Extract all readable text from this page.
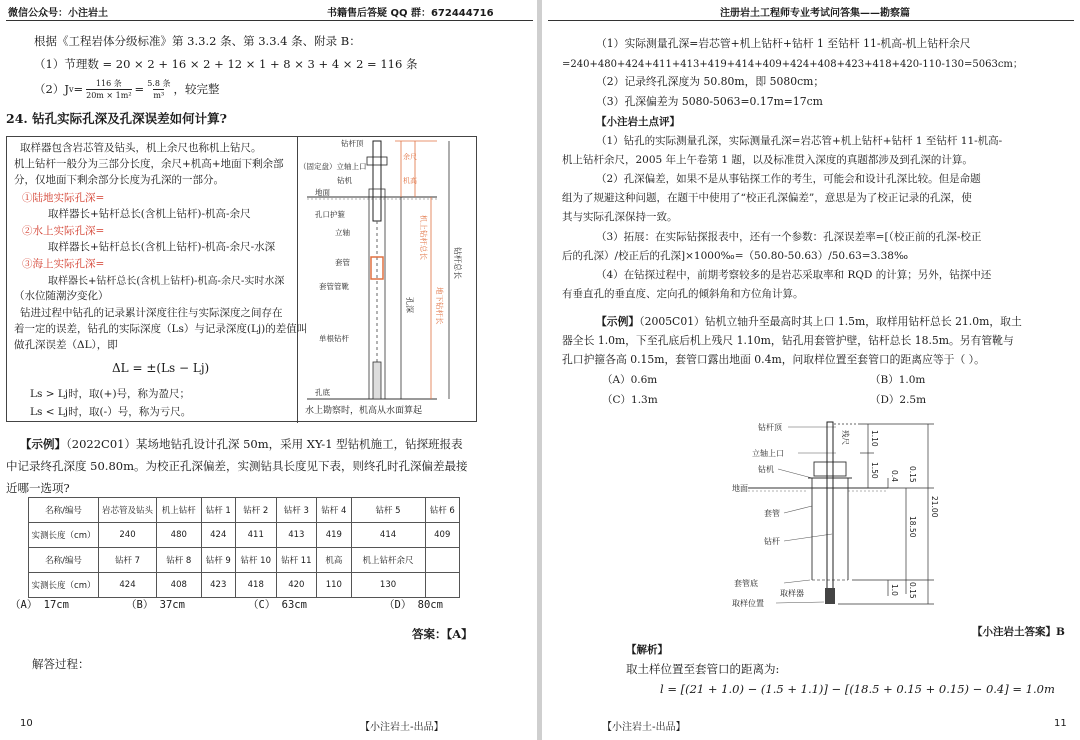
微信公众号：小注岩土	书籍售后答疑 QQ 群：672444716
根据《工程岩体分级标准》第 3.3.2 条、第 3.3.4 条、附录 B：
（1）节理数 = 20 × 2 + 16 × 2 + 12 × 1 + 8 × 3 + 4 × 2 = 116 条
（2）J v = 116 条
20m × 1m² = 5.8 条
m³ ，较完整
24. 钻孔实际孔深及孔深误差如何计算?
取样器包含岩芯管及钻头，机上余尺也称机上钻尺。
机上钻杆一般分为三部分长度，余尺+机高+地面下剩余部
分，仅地面下剩余部分长度为孔深的一部分。
①陆地实际孔深=
取样器长+钻杆总长(含机上钻杆)-机高-余尺
②水上实际孔深=
取样器长+钻杆总长(含机上钻杆)-机高-余尺-水深
③海上实际孔深=
取样器长+钻杆总长(含机上钻杆)-机高-余尺-实时水深
（水位随潮汐变化）
钻进过程中钻孔的记录累计深度往往与实际深度之间存在
着一定的误差，钻孔的实际深度（Ls）与记录深度(Lj)的差值叫
做孔深误差（ΔL），即
ΔL = ±(Ls − Lj)
Ls > Lj时，取(+)号，称为盈尺；
Ls < Lj时，取(-）号，称为亏尺。
钻杆顶
（固定盘）立轴上口
钻机
地面
孔口护箍
立轴
套管
套管管靴
单根钻杆
孔底
余尺
机高
机上钻杆总长
地下钻杆长
钻杆总长
孔深
水上勘察时，机高从水面算起
【示例】（2022C01）某场地钻孔设计孔深 50m，采用 XY-1 型钻机施工，钻探班报表
中记录终孔深度 50.80m。为校正孔深偏差，实测钻具长度见下表，则终孔时孔深偏差最接
近哪一选项?
名称/编号	岩芯管及钻头	机上钻杆	钻杆 1	钻杆 2	钻杆 3	钻杆 4	钻杆 5	钻杆 6
实测长度（cm）	240	480	424	411	413	419	414	409
名称/编号	钻杆 7	钻杆 8	钻杆 9	钻杆 10	钻杆 11	机高	机上钻杆余尺	
实测长度（cm）	424	408	423	418	420	110	130	
（A） 17cm	（B） 37cm	（C） 63cm	（D） 80cm
答案：【A】
解答过程：
10	【小注岩土-出品】
注册岩土工程师专业考试问答集——勘察篇
（1）实际测量孔深=岩芯管+机上钻杆+钻杆 1 至钻杆 11-机高-机上钻杆余尺
=240+480+424+411+413+419+414+409+424+408+423+418+420-110-130=5063cm；
（2）记录终孔深度为 50.80m，即 5080cm；
（3）孔深偏差为 5080-5063=0.17m=17cm
【小注岩土点评】
（1）钻孔的实际测量孔深，实际测量孔深=岩芯管+机上钻杆+钻杆 1 至钻杆 11-机高-
机上钻杆余尺，2005 年上午卷第 1 题，以及标准贯入深度的真题都涉及到孔深的计算。
（2）孔深偏差，如果不是从事钻探工作的考生，可能会和设计孔深比较。但是命题
组为了规避这种问题，在题干中使用了“校正孔深偏差”，意思是为了校正记录的孔深，使
其与实际孔深保持一致。
（3）拓展：在实际钻探报表中，还有一个参数：孔深误差率=[（校正前的孔深-校正
后的孔深）/校正后的孔深]×1000‰=（50.80-50.63）/50.63=3.38‰
（4）在钻探过程中，前期考察较多的是岩芯采取率和 RQD 的计算；另外，钻探中还
有垂直孔的垂直度、定向孔的倾斜角和方位角计算。
【示例】（2005C01）钻机立轴升至最高时其上口 1.5m，取样用钻杆总长 21.0m，取土
器全长 1.0m，下至孔底后机上残尺 1.10m，钻孔用套管护壁，钻杆总长 18.5m。另有管靴与
孔口护箍各高 0.15m，套管口露出地面 0.4m，问取样位置至套管口的距离应等于（ ）。
（A）0.6m	（B）1.0m
（C）1.3m	（D）2.5m
钻杆顶
立轴上口
钻机
地面
套管
钻杆
套管底
取样器
取样位置
残尺	1.10
1.50 0.4 0.15
21.00
18.50
1.0 0.15
【小注岩土答案】B
【解析】
取土样位置至套管口的距离为:
l = [(21 + 1.0) − (1.5 + 1.1)] − [(18.5 + 0.15 + 0.15) − 0.4] = 1.0m
【小注岩土-出品】	11
